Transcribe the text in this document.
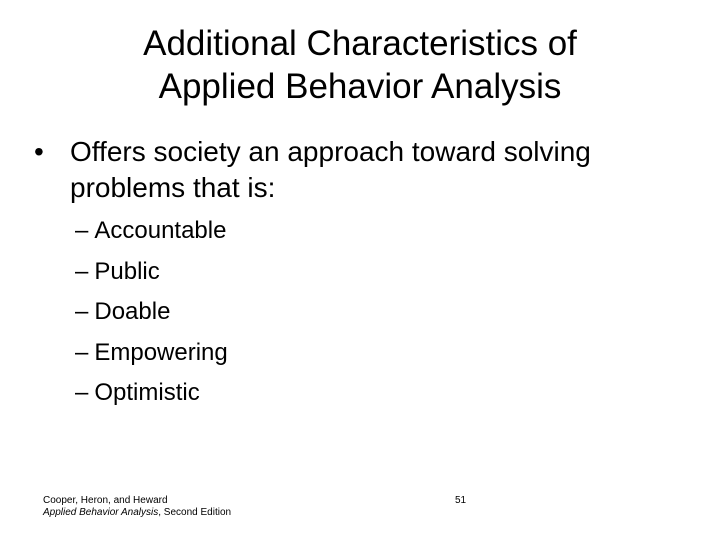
Additional Characteristics of
Applied Behavior Analysis
• Offers society an approach toward solving problems that is:
– Accountable
– Public
– Doable
– Empowering
– Optimistic
Cooper, Heron, and Heward
Applied Behavior Analysis, Second Edition
51
